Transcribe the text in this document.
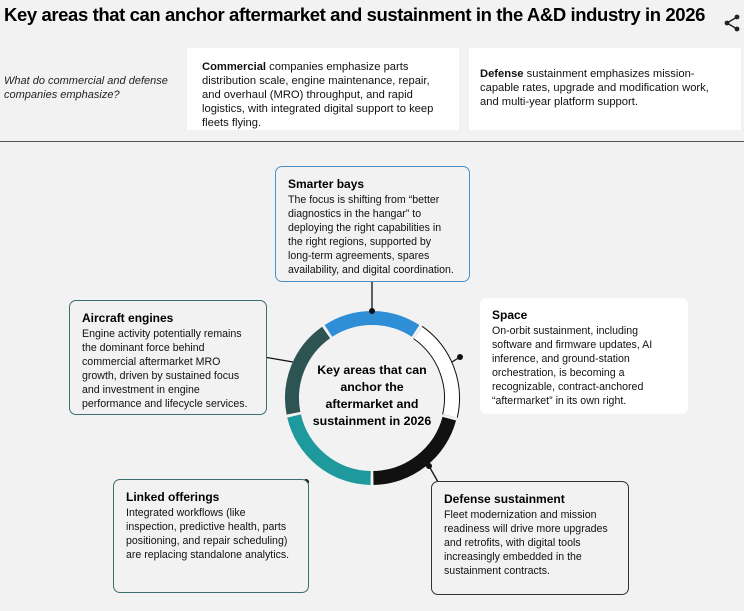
Key areas that can anchor aftermarket and sustainment in the A&D industry in 2026
What do commercial and defense companies emphasize?
Commercial companies emphasize parts distribution scale, engine maintenance, repair, and overhaul (MRO) throughput, and rapid logistics, with integrated digital support to keep fleets flying.
Defense sustainment emphasizes mission-capable rates, upgrade and modification work, and multi-year platform support.
Smarter bays
The focus is shifting from “better diagnostics in the hangar” to deploying the right capabilities in the right regions, supported by long-term agreements, spares availability, and digital coordination.
Aircraft engines
Engine activity potentially remains the dominant force behind commercial aftermarket MRO growth, driven by sustained focus and investment in engine performance and lifecycle services.
Space
On-orbit sustainment, including software and firmware updates, AI inference, and ground-station orchestration, is becoming a recognizable, contract-anchored “aftermarket” in its own right.
Linked offerings
Integrated workflows (like inspection, predictive health, parts positioning, and repair scheduling) are replacing standalone analytics.
Defense sustainment
Fleet modernization and mission readiness will drive more upgrades and retrofits, with digital tools increasingly embedded in the sustainment contracts.
Key areas that can anchor the aftermarket and sustainment in 2026
